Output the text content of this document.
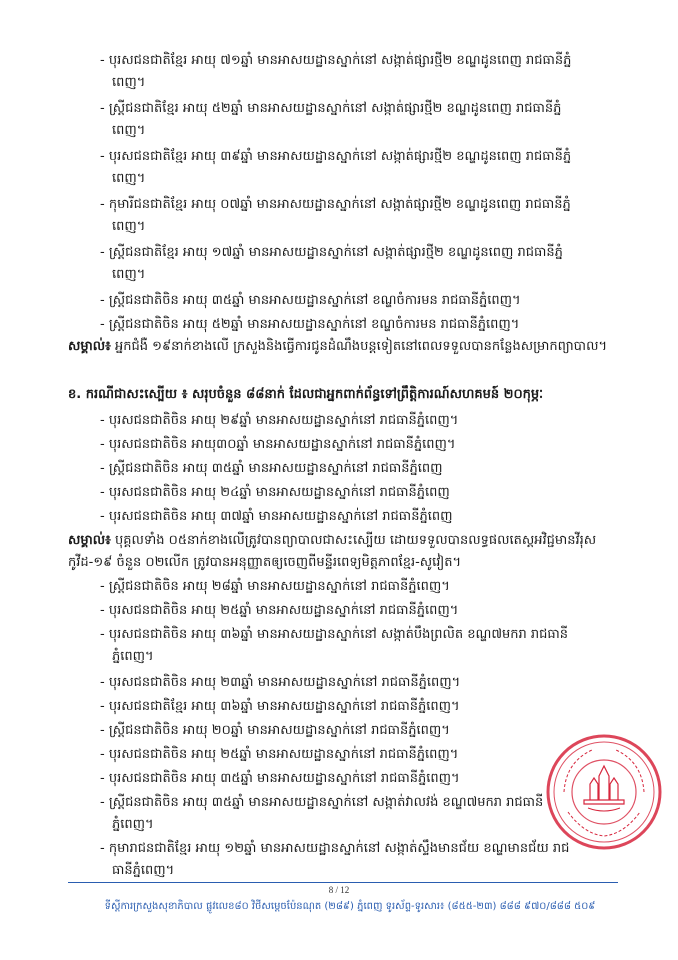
- បុរសជនជាតិខ្មែរ អាយុ ៧១ឆ្នាំ មានអាសយដ្ឋានស្នាក់នៅ សង្កាត់ផ្សារថ្មី២ ខណ្ឌដូនពេញ រាជធានីភ្នំ
ពេញ។
- ស្ត្រីជនជាតិខ្មែរ អាយុ ៥២ឆ្នាំ មានអាសយដ្ឋានស្នាក់នៅ សង្កាត់ផ្សារថ្មី២ ខណ្ឌដូនពេញ រាជធានីភ្នំ
ពេញ។
- បុរសជនជាតិខ្មែរ អាយុ ៣៩ឆ្នាំ មានអាសយដ្ឋានស្នាក់នៅ សង្កាត់ផ្សារថ្មី២ ខណ្ឌដូនពេញ រាជធានីភ្នំ
ពេញ។
- កុមារីជនជាតិខ្មែរ អាយុ ០៧ឆ្នាំ មានអាសយដ្ឋានស្នាក់នៅ សង្កាត់ផ្សារថ្មី២ ខណ្ឌដូនពេញ រាជធានីភ្នំ
ពេញ។
- ស្ត្រីជនជាតិខ្មែរ អាយុ ១៧ឆ្នាំ មានអាសយដ្ឋានស្នាក់នៅ សង្កាត់ផ្សារថ្មី២ ខណ្ឌដូនពេញ រាជធានីភ្នំ
ពេញ។
- ស្ត្រីជនជាតិចិន អាយុ ៣៥ឆ្នាំ មានអាសយដ្ឋានស្នាក់នៅ ខណ្ឌចំការមន រាជធានីភ្នំពេញ។
- ស្ត្រីជនជាតិចិន អាយុ ៥២ឆ្នាំ មានអាសយដ្ឋានស្នាក់នៅ ខណ្ឌចំការមន រាជធានីភ្នំពេញ។
សម្គាល់៖ អ្នកជំងឺ ១៩នាក់ខាងលើ ក្រសួងនិងធ្វើការជូនដំណឹងបន្តទៀតនៅពេលទទួលបានកន្លែងសម្រាកព្យាបាល។
ខ. ករណីជាសះស្បើយ ៖ សរុបចំនួន ៨៨នាក់ ដែលជាអ្នកពាក់ព័ន្ធទៅព្រឹត្តិការណ៍សហគមន៍ ២០កុម្ភៈ
- បុរសជនជាតិចិន អាយុ ២៩ឆ្នាំ មានអាសយដ្ឋានស្នាក់នៅ រាជធានីភ្នំពេញ។
- បុរសជនជាតិចិន អាយុ៣០ឆ្នាំ មានអាសយដ្ឋានស្នាក់នៅ រាជធានីភ្នំពេញ។
- ស្ត្រីជនជាតិចិន អាយុ ៣៥ឆ្នាំ មានអាសយដ្ឋានស្នាក់នៅ រាជធានីភ្នំពេញ
- បុរសជនជាតិចិន អាយុ ២៤ឆ្នាំ មានអាសយដ្ឋានស្នាក់នៅ រាជធានីភ្នំពេញ
- បុរសជនជាតិចិន អាយុ ៣៧ឆ្នាំ មានអាសយដ្ឋានស្នាក់នៅ រាជធានីភ្នំពេញ
សម្គាល់៖ បុគ្គលទាំង ០៥នាក់ខាងលើត្រូវបានព្យាបាលជាសះស្បើយ ដោយទទួលបានលទ្ធផលតេស្តអវិជ្ជមានវីរុស កូវីដ-១៩ ចំនួន ០២លើក ត្រូវបានអនុញ្ញាតឲ្យចេញពីមន្ទីរពេទ្យមិត្តភាពខ្មែរ-សូវៀត។
- ស្ត្រីជនជាតិចិន អាយុ ២៨ឆ្នាំ មានអាសយដ្ឋានស្នាក់នៅ រាជធានីភ្នំពេញ។
- បុរសជនជាតិចិន អាយុ ២៥ឆ្នាំ មានអាសយដ្ឋានស្នាក់នៅ រាជធានីភ្នំពេញ។
- បុរសជនជាតិចិន អាយុ ៣៦ឆ្នាំ មានអាសយដ្ឋានស្នាក់នៅ សង្កាត់បឹងព្រលិត ខណ្ឌ៧មករា រាជធានី
ភ្នំពេញ។
- បុរសជនជាតិចិន អាយុ ២៣ឆ្នាំ មានអាសយដ្ឋានស្នាក់នៅ រាជធានីភ្នំពេញ។
- បុរសជនជាតិខ្មែរ អាយុ ៣៦ឆ្នាំ មានអាសយដ្ឋានស្នាក់នៅ រាជធានីភ្នំពេញ។
- ស្ត្រីជនជាតិចិន អាយុ ២០ឆ្នាំ មានអាសយដ្ឋានស្នាក់នៅ រាជធានីភ្នំពេញ។
- បុរសជនជាតិចិន អាយុ ២៥ឆ្នាំ មានអាសយដ្ឋានស្នាក់នៅ រាជធានីភ្នំពេញ។
- បុរសជនជាតិចិន អាយុ ៣៥ឆ្នាំ មានអាសយដ្ឋានស្នាក់នៅ រាជធានីភ្នំពេញ។
- ស្ត្រីជនជាតិចិន អាយុ ៣៥ឆ្នាំ មានអាសយដ្ឋានស្នាក់នៅ សង្កាត់វាលវង់ ខណ្ឌ៧មករា រាជធានី
ភ្នំពេញ។
- កុមារាជនជាតិខ្មែរ អាយុ ១២ឆ្នាំ មានអាសយដ្ឋានស្នាក់នៅ សង្កាត់ស្ទឹងមានជ័យ ខណ្ឌមានជ័យ រាជ
ធានីភ្នំពេញ។
8 / 12
ទីស្តីការក្រសួងសុខាភិបាល ផ្លូវលេខ៨០ វិថីសម្តេចប៉ែនណុត (២៨៩) ភ្នំពេញ ទូរស័ព្ទ-ទូរសារ៖ (៨៥៥-២៣) ៨៨៨ ៩៧០/៨៨៨ ៥០៩
